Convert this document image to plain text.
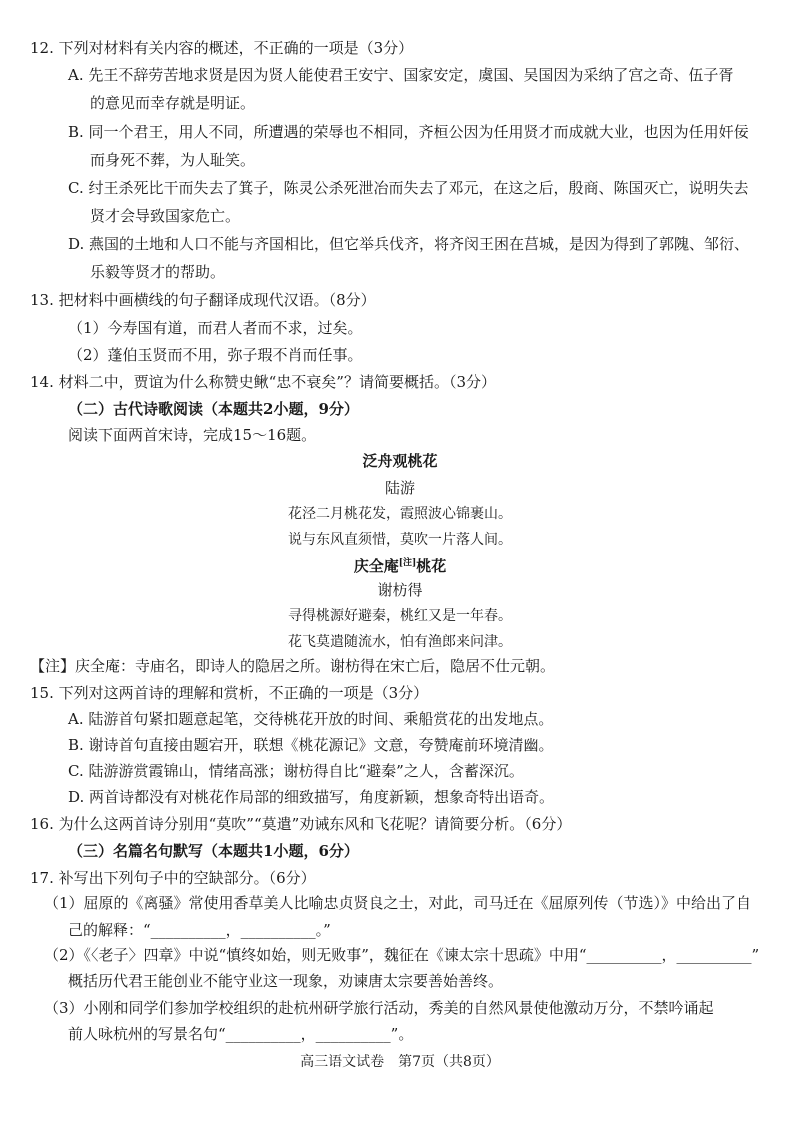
12. 下列对材料有关内容的概述，不正确的一项是（3分）
A. 先王不辞劳苦地求贤是因为贤人能使君王安宁、国家安定，虞国、吴国因为采纳了宫之奇、伍子胥
的意见而幸存就是明证。
B. 同一个君王，用人不同，所遭遇的荣辱也不相同，齐桓公因为任用贤才而成就大业，也因为任用奸佞
而身死不葬，为人耻笑。
C. 纣王杀死比干而失去了箕子，陈灵公杀死泄冶而失去了邓元，在这之后，殷商、陈国灭亡，说明失去
贤才会导致国家危亡。
D. 燕国的土地和人口不能与齐国相比，但它举兵伐齐，将齐闵王困在莒城，是因为得到了郭隗、邹衍、
乐毅等贤才的帮助。
13. 把材料中画横线的句子翻译成现代汉语。（8分）
（1）今寿国有道，而君人者而不求，过矣。
（2）蓬伯玉贤而不用，弥子瑕不肖而任事。
14. 材料二中，贾谊为什么称赞史鳅“忠不衰矣”？请简要概括。（3分）
（二）古代诗歌阅读（本题共2小题，9分）
阅读下面两首宋诗，完成15～16题。
泛舟观桃花
陆游
花泾二月桃花发，霞照波心锦裹山。
说与东风直须惜，莫吹一片落人间。
庆全庵[注]桃花
谢枋得
寻得桃源好避秦，桃红又是一年春。
花飞莫遣随流水，怕有渔郎来问津。
【注】庆全庵：寺庙名，即诗人的隐居之所。谢枋得在宋亡后，隐居不仕元朝。
15. 下列对这两首诗的理解和赏析，不正确的一项是（3分）
A. 陆游首句紧扣题意起笔，交待桃花开放的时间、乘船赏花的出发地点。
B. 谢诗首句直接由题宕开，联想《桃花源记》文意，夸赞庵前环境清幽。
C. 陆游游赏霞锦山，情绪高涨；谢枋得自比“避秦”之人，含蓄深沉。
D. 两首诗都没有对桃花作局部的细致描写，角度新颖，想象奇特出语奇。
16. 为什么这两首诗分别用“莫吹”“莫遣”劝诫东风和飞花呢？请简要分析。（6分）
（三）名篇名句默写（本题共1小题，6分）
17. 补写出下列句子中的空缺部分。（6分）
（1）屈原的《离骚》常使用香草美人比喻忠贞贤良之士，对此，司马迁在《屈原列传（节选）》中给出了自
己的解释：“__________，__________。”
（2）《〈老子〉四章》中说“慎终如始，则无败事”，魏征在《谏太宗十思疏》中用“__________，__________”
概括历代君王能创业不能守业这一现象，劝谏唐太宗要善始善终。
（3）小刚和同学们参加学校组织的赴杭州研学旅行活动，秀美的自然风景使他激动万分，不禁吟诵起
前人咏杭州的写景名句“__________，__________”。
高三语文试卷　第7页（共8页）
